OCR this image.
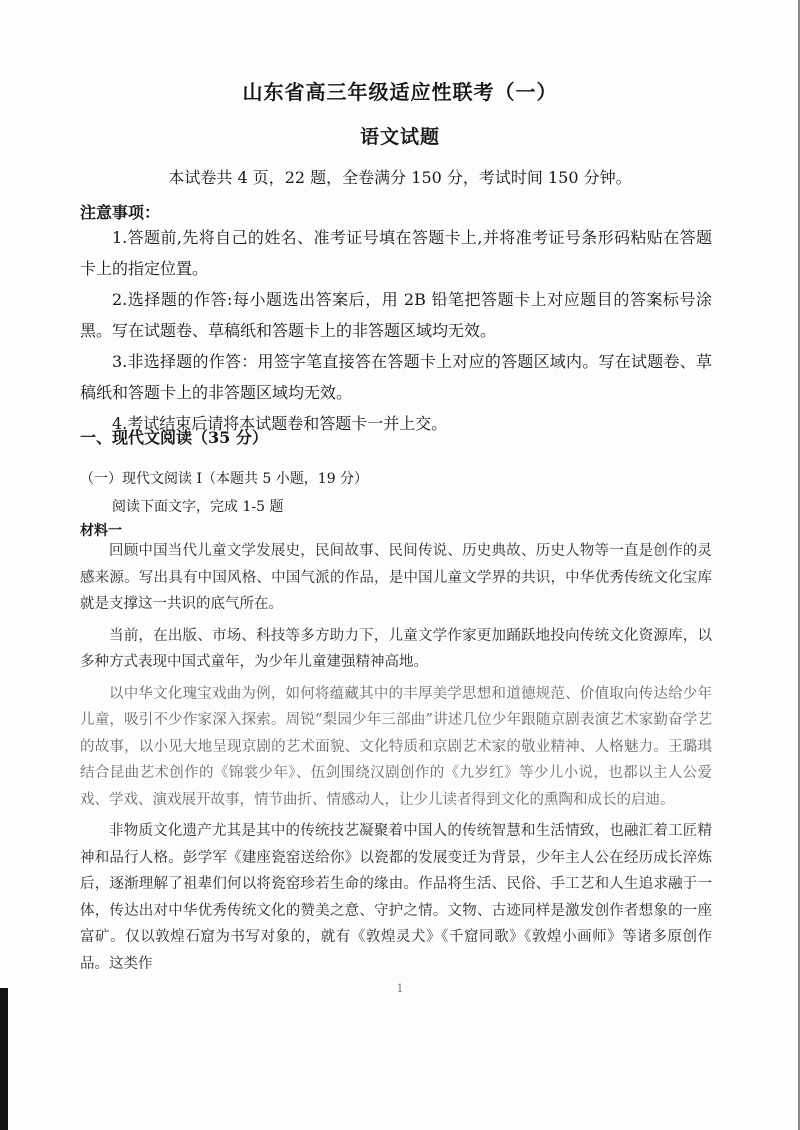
山东省高三年级适应性联考（一）
语文试题
本试卷共 4 页，22 题，全卷满分 150 分，考试时间 150 分钟。
注意事项：

1.答题前,先将自己的姓名、准考证号填在答题卡上,并将准考证号条形码粘贴在答题卡上的指定位置。

2.选择题的作答:每小题选出答案后，用 2B 铅笔把答题卡上对应题目的答案标号涂黑。写在试题卷、草稿纸和答题卡上的非答题区域均无效。

3.非选择题的作答：用签字笔直接答在答题卡上对应的答题区域内。写在试题卷、草稿纸和答题卡上的非答题区域均无效。

4.考试结束后请将本试题卷和答题卡一并上交。

一、现代文阅读（35 分）
（一）现代文阅读 I（本题共 5 小题，19 分）
阅读下面文字，完成 1-5 题
材料一

回顾中国当代儿童文学发展史，民间故事、民间传说、历史典故、历史人物等一直是创作的灵感来源。写出具有中国风格、中国气派的作品，是中国儿童文学界的共识，中华优秀传统文化宝库就是支撑这一共识的底气所在。

当前，在出版、市场、科技等多方助力下，儿童文学作家更加踊跃地投向传统文化资源库，以多种方式表现中国式童年，为少年儿童建强精神高地。

以中华文化瑰宝戏曲为例，如何将蕴藏其中的丰厚美学思想和道德规范、价值取向传达给少年儿童，吸引不少作家深入探索。周锐“梨园少年三部曲”讲述几位少年跟随京剧表演艺术家勤奋学艺的故事，以小见大地呈现京剧的艺术面貌、文化特质和京剧艺术家的敬业精神、人格魅力。王璐琪结合昆曲艺术创作的《锦裳少年》、伍剑围绕汉剧创作的《九岁红》等少儿小说，也都以主人公爱戏、学戏、演戏展开故事，情节曲折、情感动人，让少儿读者得到文化的熏陶和成长的启迪。

非物质文化遗产尤其是其中的传统技艺凝聚着中国人的传统智慧和生活情致，也融汇着工匠精神和品行人格。彭学军《建座瓷窑送给你》以瓷都的发展变迁为背景，少年主人公在经历成长淬炼后，逐渐理解了祖辈们何以将瓷窑珍若生命的缘由。作品将生活、民俗、手工艺和人生追求融于一体，传达出对中华优秀传统文化的赞美之意、守护之情。文物、古迹同样是激发创作者想象的一座富矿。仅以敦煌石窟为书写对象的，就有《敦煌灵犬》《千窟同歌》《敦煌小画师》等诸多原创作品。这类作

1
